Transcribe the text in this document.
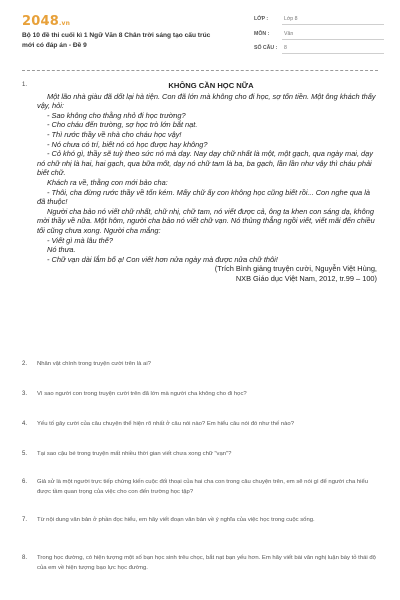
2048.vn
Bộ 10 đề thi cuối kì 1 Ngữ Văn 8 Chân trời sáng tạo cấu trúc mới có đáp án - Đề 9
LỚP :	Lớp 8
MÔN :	Văn
SỐ CÂU : 8
1.	KHÔNG CẦN HỌC NỮA

Một lão nhà giàu đã dốt lại hà tiện. Con đã lớn mà không cho đi học, sợ tốn tiền. Một ông khách thấy vậy, hỏi:

- Sao không cho thằng nhỏ đi học trường?

- Cho cháu đến trường, sợ học trò lớn bắt nạt.

- Thì rước thầy về nhà cho cháu học vậy!

- Nó chưa có trí, biết nó có học được hay không?

- Cỏ khó gì, thầy sẽ tuỳ theo sức nó mà dạy. Nay dạy chữ nhất là một, một gạch, qua ngày mai, dạy nó chữ nhị là hai, hai gạch, qua bữa mốt, dạy nó chữ tam là ba, ba gạch, lần lần như vậy thì cháu phải biết chữ.

Khách ra về, thằng con mới bảo cha:

- Thôi, cha đừng rước thầy về tốn kém. Mấy chữ ấy con không học cũng biết rồi... Con nghe qua là đã thuộc!

Người cha bảo nó viết chữ nhất, chữ nhị, chữ tam, nó viết được cả, ông ta khen con sáng dạ, không mời thầy về nữa. Một hôm, người cha bảo nó viết chữ vạn. Nó thủng thẳng ngồi viết, viết mãi đến chiều tối cũng chưa xong. Người cha mắng:

- Viết gì mà lâu thế?

Nó thưa.

- Chữ vạn dài lắm bố ạ! Con viết hơn nửa ngày mà được nửa chữ thôi!

(Trích Bình giảng truyện cười, Nguyễn Việt Hùng,
NXB Giáo dục Việt Nam, 2012, tr.99 – 100)
2. Nhân vật chính trong truyện cười trên là ai?
3. Vì sao người con trong truyện cười trên đã lớn mà người cha không cho đi học?
4. Yếu tố gây cười của câu chuyện thể hiện rõ nhất ở câu nói nào? Em hiểu câu nói đó như thế nào?
5. Tại sao cậu bé trong truyện mất nhiều thời gian viết chưa xong chữ "vạn"?
6. Giả sử là một người trực tiếp chứng kiến cuộc đối thoại của hai cha con trong câu chuyện trên, em sẽ nói gì để người cha hiểu được tầm quan trọng của việc cho con đến trường học tập?
7. Từ nội dung văn bản ở phần đọc hiểu, em hãy viết đoạn văn bản về ý nghĩa của việc học trong cuộc sống.
8. Trong học đường, có hiện tượng một số bạn học sinh trêu chọc, bắt nạt bạn yếu hơn. Em hãy viết bài văn nghị luận bày tỏ thái độ của em về hiện tượng bạo lực học đường.
